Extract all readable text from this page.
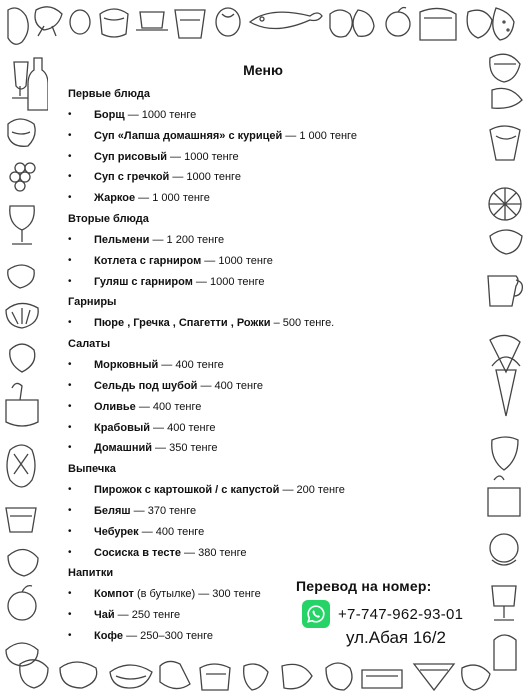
Меню
Первые блюда
• Борщ — 1000 тенге
• Суп «Лапша домашняя» с курицей — 1 000 тенге
• Суп рисовый — 1000 тенге
• Суп с гречкой — 1000 тенге
• Жаркое — 1 000 тенге
Вторые блюда
• Пельмени — 1 200 тенге
• Котлета с гарниром — 1000 тенге
• Гуляш с гарниром — 1000 тенге
Гарниры
• Пюре , Гречка , Спагетти , Рожки – 500 тенге.
Салаты
• Морковный — 400 тенге
• Сельдь под шубой — 400 тенге
• Оливье — 400 тенге
• Крабовый — 400 тенге
• Домашний — 350 тенге
Выпечка
• Пирожок с картошкой / с капустой — 200 тенге
• Беляш — 370 тенге
• Чебурек — 400 тенге
• Сосиска в тесте — 380 тенге
Напитки
• Компот (в бутылке) — 300 тенге
• Чай — 250 тенге
• Кофе — 250–300 тенге
Перевод на номер:
+7-747-962-93-01
ул.Абая 16/2
